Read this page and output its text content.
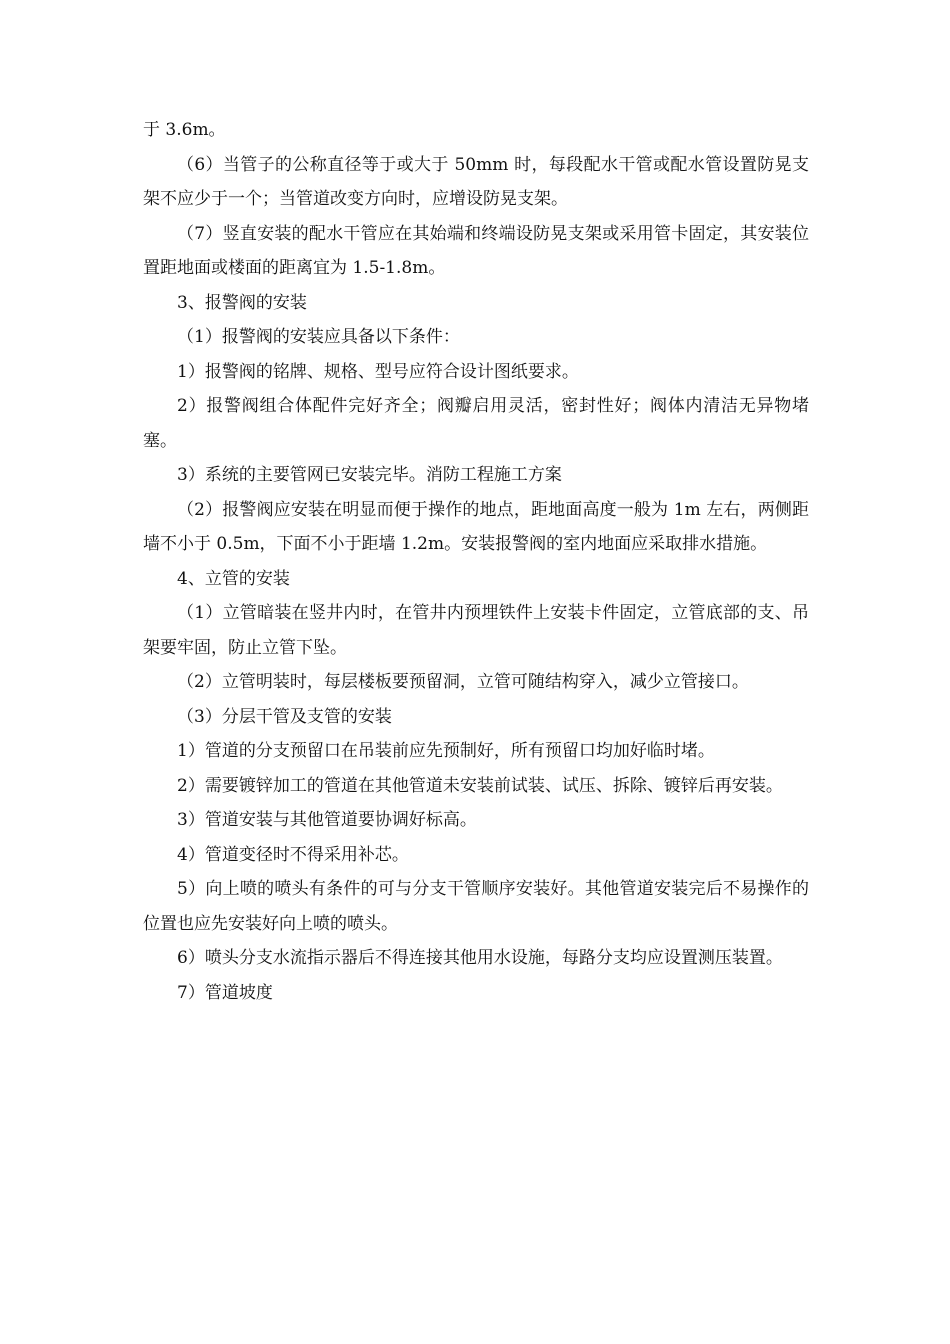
于 3.6m。

（6）当管子的公称直径等于或大于 50mm 时，每段配水干管或配水管设置防晃支架不应少于一个；当管道改变方向时，应增设防晃支架。

（7）竖直安装的配水干管应在其始端和终端设防晃支架或采用管卡固定，其安装位置距地面或楼面的距离宜为 1.5-1.8m。

3、报警阀的安装

（1）报警阀的安装应具备以下条件：

1）报警阀的铭牌、规格、型号应符合设计图纸要求。

2）报警阀组合体配件完好齐全；阀瓣启用灵活，密封性好；阀体内清洁无异物堵塞。

3）系统的主要管网已安装完毕。消防工程施工方案

（2）报警阀应安装在明显而便于操作的地点，距地面高度一般为 1m 左右，两侧距墙不小于 0.5m，下面不小于距墙 1.2m。安装报警阀的室内地面应采取排水措施。

4、立管的安装

（1）立管暗装在竖井内时，在管井内预埋铁件上安装卡件固定，立管底部的支、吊架要牢固，防止立管下坠。

（2）立管明装时，每层楼板要预留洞，立管可随结构穿入，减少立管接口。

（3）分层干管及支管的安装

1）管道的分支预留口在吊装前应先预制好，所有预留口均加好临时堵。

2）需要镀锌加工的管道在其他管道未安装前试装、试压、拆除、镀锌后再安装。

3）管道安装与其他管道要协调好标高。

4）管道变径时不得采用补芯。

5）向上喷的喷头有条件的可与分支干管顺序安装好。其他管道安装完后不易操作的位置也应先安装好向上喷的喷头。

6）喷头分支水流指示器后不得连接其他用水设施，每路分支均应设置测压装置。

7）管道坡度
